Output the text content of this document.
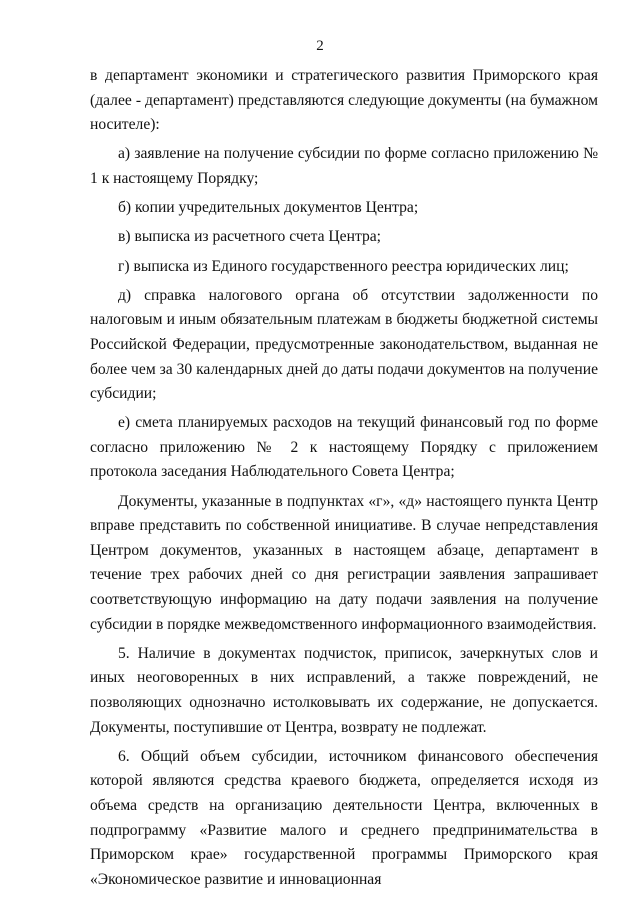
2

в департамент экономики и стратегического развития Приморского края (далее - департамент) представляются следующие документы (на бумажном носителе):

а) заявление на получение субсидии по форме согласно приложению № 1 к настоящему Порядку;

б) копии учредительных документов Центра;

в) выписка из расчетного счета Центра;

г) выписка из Единого государственного реестра юридических лиц;

д) справка налогового органа об отсутствии задолженности по налоговым и иным обязательным платежам в бюджеты бюджетной системы Российской Федерации, предусмотренные законодательством, выданная не более чем за 30 календарных дней до даты подачи документов на получение субсидии;

е) смета планируемых расходов на текущий финансовый год по форме согласно приложению № 2 к настоящему Порядку с приложением протокола заседания Наблюдательного Совета Центра;

Документы, указанные в подпунктах «г», «д» настоящего пункта Центр вправе представить по собственной инициативе. В случае непредставления Центром документов, указанных в настоящем абзаце, департамент в течение трех рабочих дней со дня регистрации заявления запрашивает соответствующую информацию на дату подачи заявления на получение субсидии в порядке межведомственного информационного взаимодействия.

5. Наличие в документах подчисток, приписок, зачеркнутых слов и иных неоговоренных в них исправлений, а также повреждений, не позволяющих однозначно истолковывать их содержание, не допускается. Документы, поступившие от Центра, возврату не подлежат.

6. Общий объем субсидии, источником финансового обеспечения которой являются средства краевого бюджета, определяется исходя из объема средств на организацию деятельности Центра, включенных в подпрограмму «Развитие малого и среднего предпринимательства в Приморском крае» государственной программы Приморского края «Экономическое развитие и инновационная
